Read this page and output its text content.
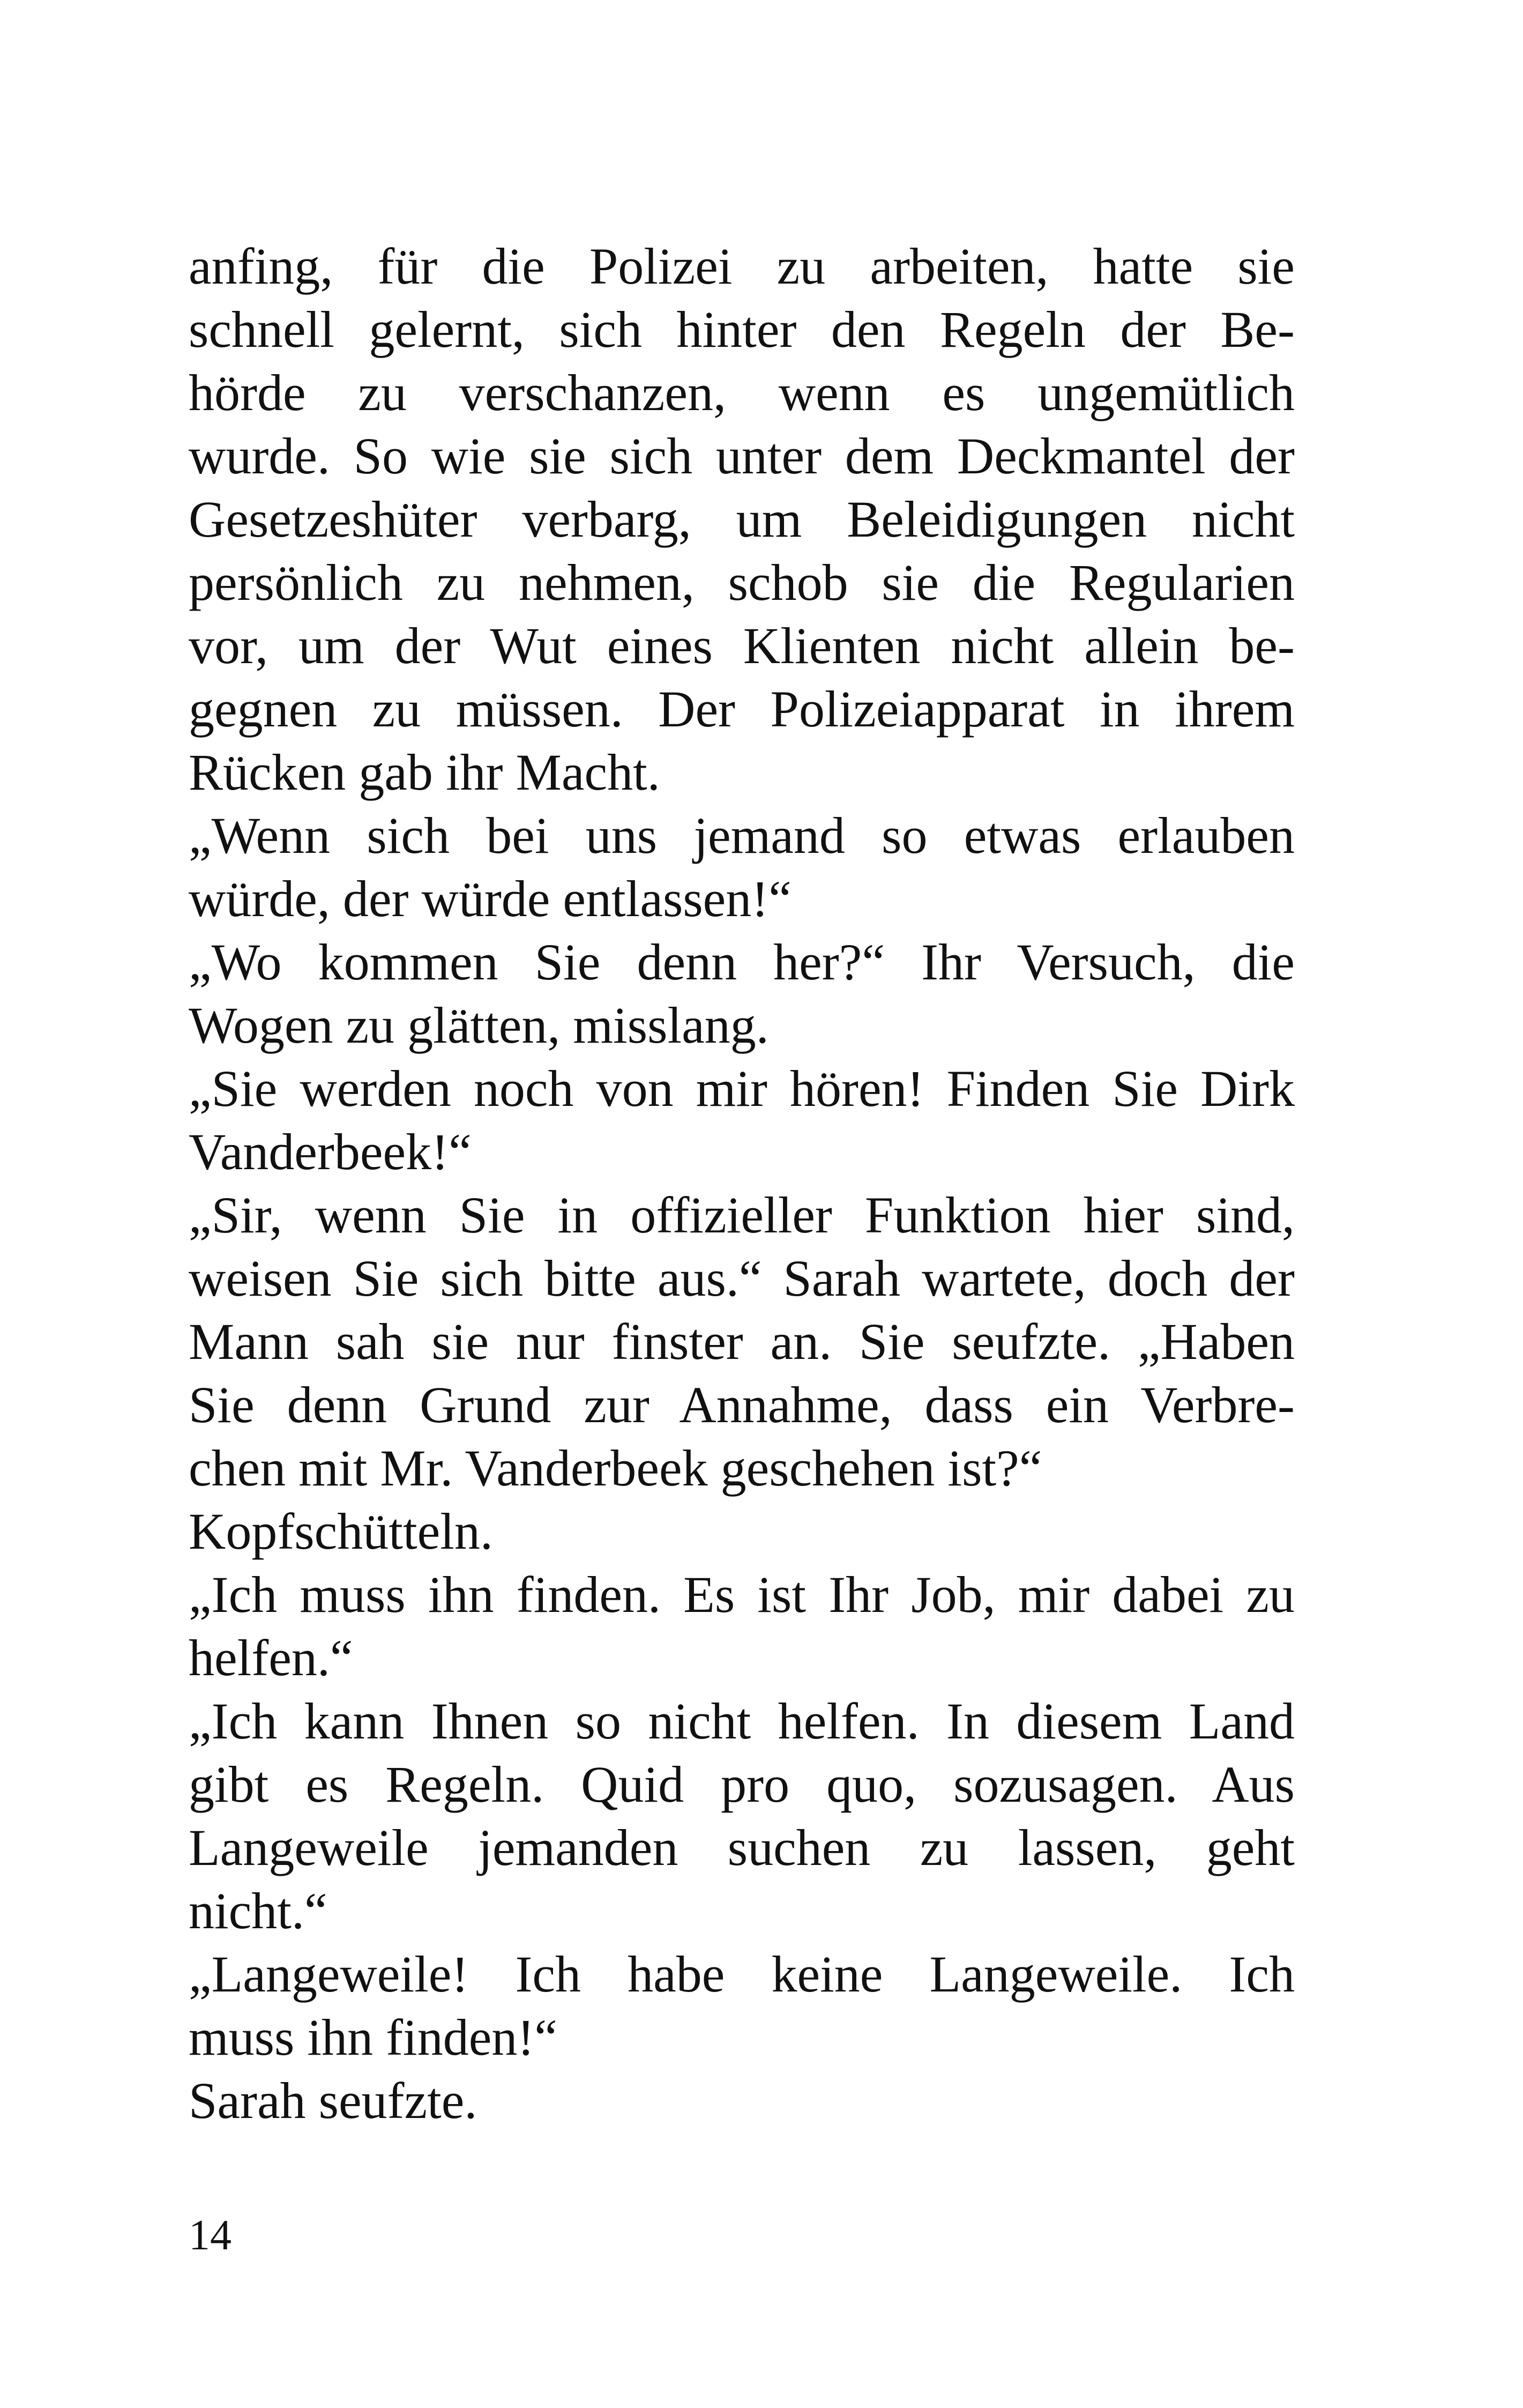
anfing, für die Polizei zu arbeiten, hatte sie
schnell gelernt, sich hinter den Regeln der Be-
hörde zu verschanzen, wenn es ungemütlich
wurde. So wie sie sich unter dem Deckmantel der
Gesetzeshüter verbarg, um Beleidigungen nicht
persönlich zu nehmen, schob sie die Regularien
vor, um der Wut eines Klienten nicht allein be-
gegnen zu müssen. Der Polizeiapparat in ihrem
Rücken gab ihr Macht.
„Wenn sich bei uns jemand so etwas erlauben
würde, der würde entlassen!“
„Wo kommen Sie denn her?“ Ihr Versuch, die
Wogen zu glätten, misslang.
„Sie werden noch von mir hören! Finden Sie Dirk
Vanderbeek!“
„Sir, wenn Sie in offizieller Funktion hier sind,
weisen Sie sich bitte aus.“ Sarah wartete, doch der
Mann sah sie nur finster an. Sie seufzte. „Haben
Sie denn Grund zur Annahme, dass ein Verbre-
chen mit Mr. Vanderbeek geschehen ist?“
Kopfschütteln.
„Ich muss ihn finden. Es ist Ihr Job, mir dabei zu
helfen.“
„Ich kann Ihnen so nicht helfen. In diesem Land
gibt es Regeln. Quid pro quo, sozusagen. Aus
Langeweile jemanden suchen zu lassen, geht
nicht.“
„Langeweile! Ich habe keine Langeweile. Ich
muss ihn finden!“
Sarah seufzte.
14
